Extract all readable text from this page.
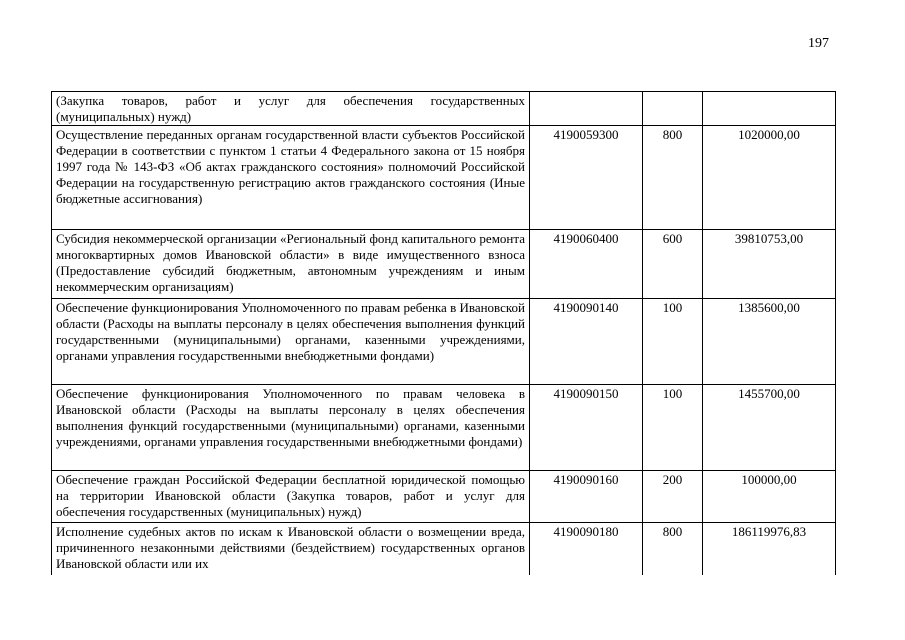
197
(Закупка товаров, работ и услуг для обеспечения государственных (муниципальных) нужд)			
Осуществление переданных органам государственной власти субъектов Российской Федерации в соответствии с пунктом 1 статьи 4 Федерального закона от 15 ноября 1997 года № 143-ФЗ «Об актах гражданского состояния» полномочий Российской Федерации на государственную регистрацию актов гражданского состояния (Иные бюджетные ассигнования)	4190059300	800	1020000,00
Субсидия некоммерческой организации «Региональный фонд капитального ремонта многоквартирных домов Ивановской области» в виде имущественного взноса (Предоставление субсидий бюджетным, автономным учреждениям и иным некоммерческим организациям)	4190060400	600	39810753,00
Обеспечение функционирования Уполномоченного по правам ребенка в Ивановской области (Расходы на выплаты персоналу в целях обеспечения выполнения функций государственными (муниципальными) органами, казенными учреждениями, органами управления государственными внебюджетными фондами)	4190090140	100	1385600,00
Обеспечение функционирования Уполномоченного по правам человека в Ивановской области (Расходы на выплаты персоналу в целях обеспечения выполнения функций государственными (муниципальными) органами, казенными учреждениями, органами управления государственными внебюджетными фондами)	4190090150	100	1455700,00
Обеспечение граждан Российской Федерации бесплатной юридической помощью на территории Ивановской области (Закупка товаров, работ и услуг для обеспечения государственных (муниципальных) нужд)	4190090160	200	100000,00
Исполнение судебных актов по искам к Ивановской области о возмещении вреда, причиненного незаконными действиями (бездействием) государственных органов Ивановской области или их	4190090180	800	186119976,83
